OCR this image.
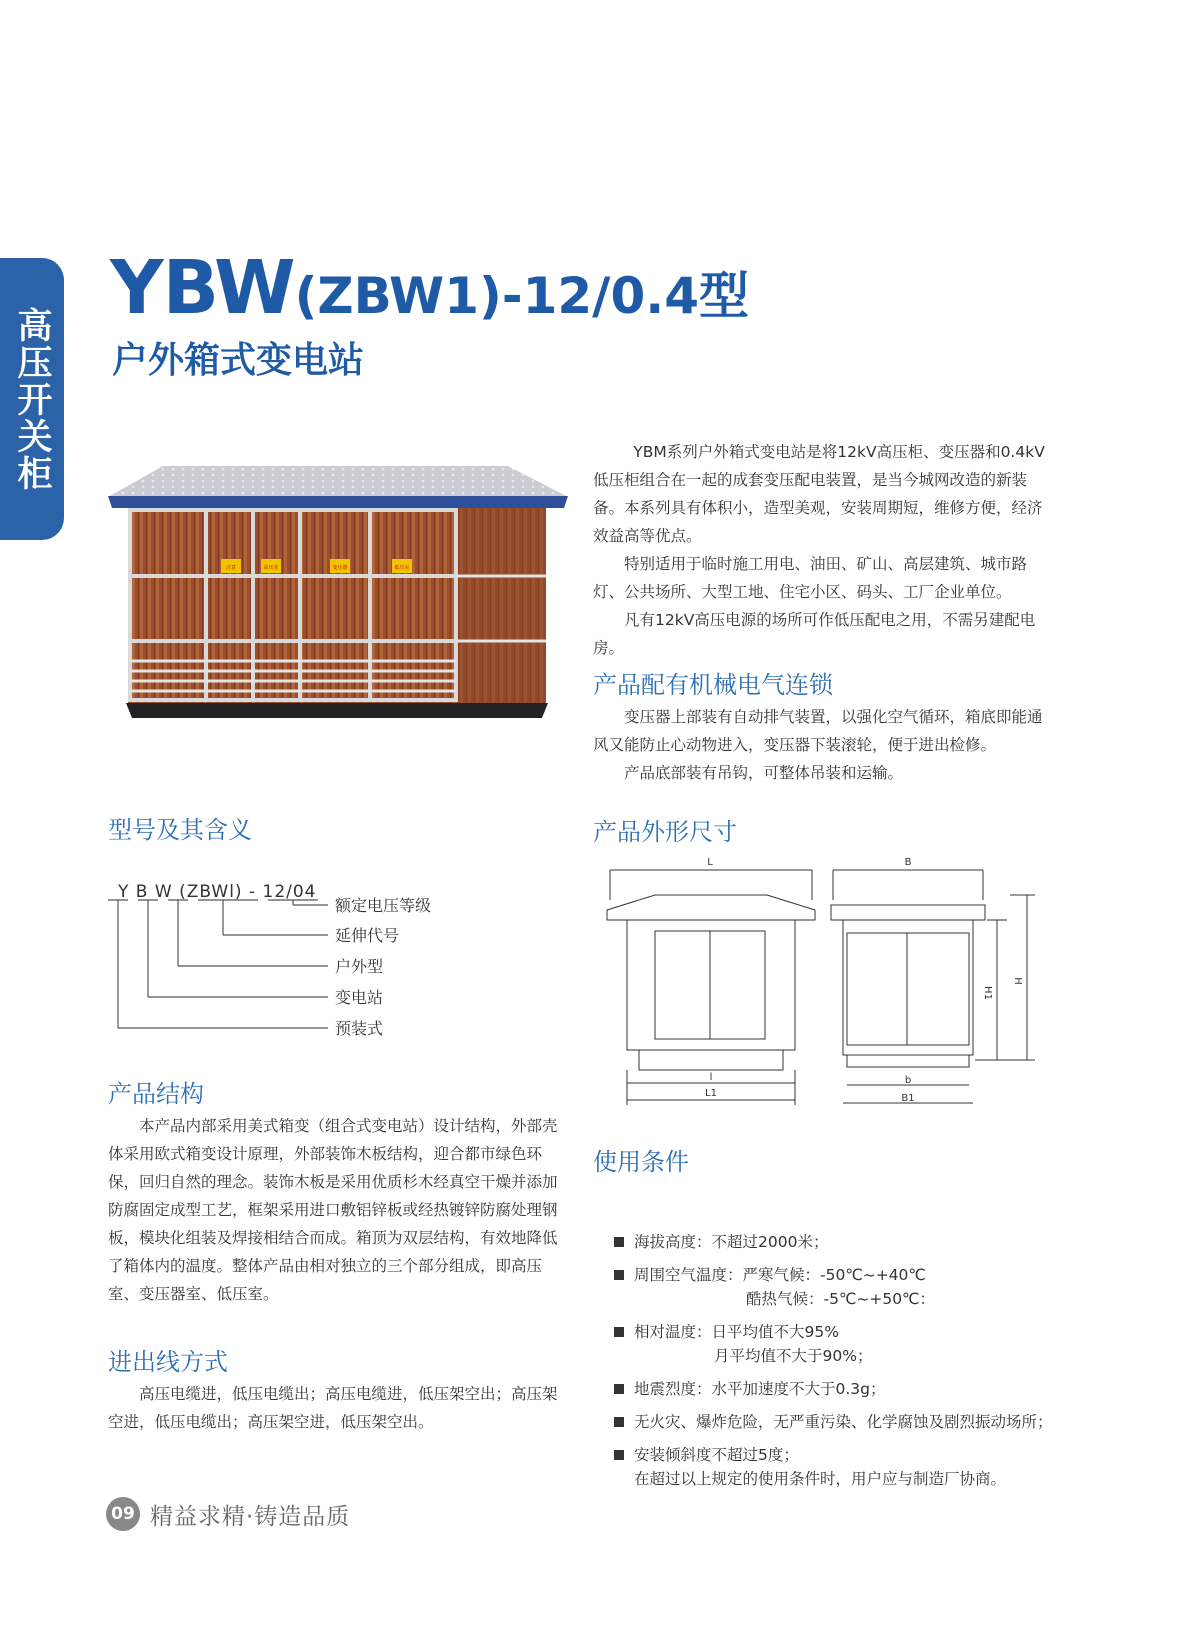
高压开关柜
YBW(ZBW1)-12/0.4型
户外箱式变电站
注意	高压室	变压器	低压室

YBM系列户外箱式变电站是将12kV高压柜、变压器和0.4kV低压柜组合在一起的成套变压配电装置，是当今城网改造的新装备。本系列具有体积小，造型美观，安装周期短，维修方便，经济效益高等优点。

特别适用于临时施工用电、油田、矿山、高层建筑、城市路灯、公共场所、大型工地、住宅小区、码头、工厂企业单位。

凡有12kV高压电源的场所可作低压配电之用，不需另建配电房。

产品配有机械电气连锁

变压器上部装有自动排气装置，以强化空气循环，箱底即能通风又能防止心动物进入，变压器下装滚轮，便于进出检修。

产品底部装有吊钩，可整体吊装和运输。

型号及其含义
Y B W (ZBWl) - 12/04
额定电压等级
延伸代号
户外型
变电站
预装式
产品结构

本产品内部采用美式箱变（组合式变电站）设计结构，外部壳体采用欧式箱变设计原理，外部装饰木板结构，迎合都市绿色环保，回归自然的理念。装饰木板是采用优质杉木经真空干燥并添加防腐固定成型工艺，框架采用进口敷铝锌板或经热镀锌防腐处理钢板，模块化组装及焊接相结合而成。箱顶为双层结构，有效地降低了箱体内的温度。整体产品由相对独立的三个部分组成，即高压室、变压器室、低压室。

进出线方式

高压电缆进，低压电缆出；高压电缆进，低压架空出；高压架空进，低压电缆出；高压架空进，低压架空出。

产品外形尺寸
L
l
L1
B
b
B1
H1
H
使用条件
海拔高度：不超过2000米；
周围空气温度：严寒气候：-50℃~+40℃
酷热气候：-5℃~+50℃：
相对温度：日平均值不大95%
月平均值不大于90%；
地震烈度：水平加速度不大于0.3g；
无火灾、爆炸危险，无严重污染、化学腐蚀及剧烈振动场所；
安装倾斜度不超过5度；
在超过以上规定的使用条件时，用户应与制造厂协商。
09 精益求精·铸造品质
